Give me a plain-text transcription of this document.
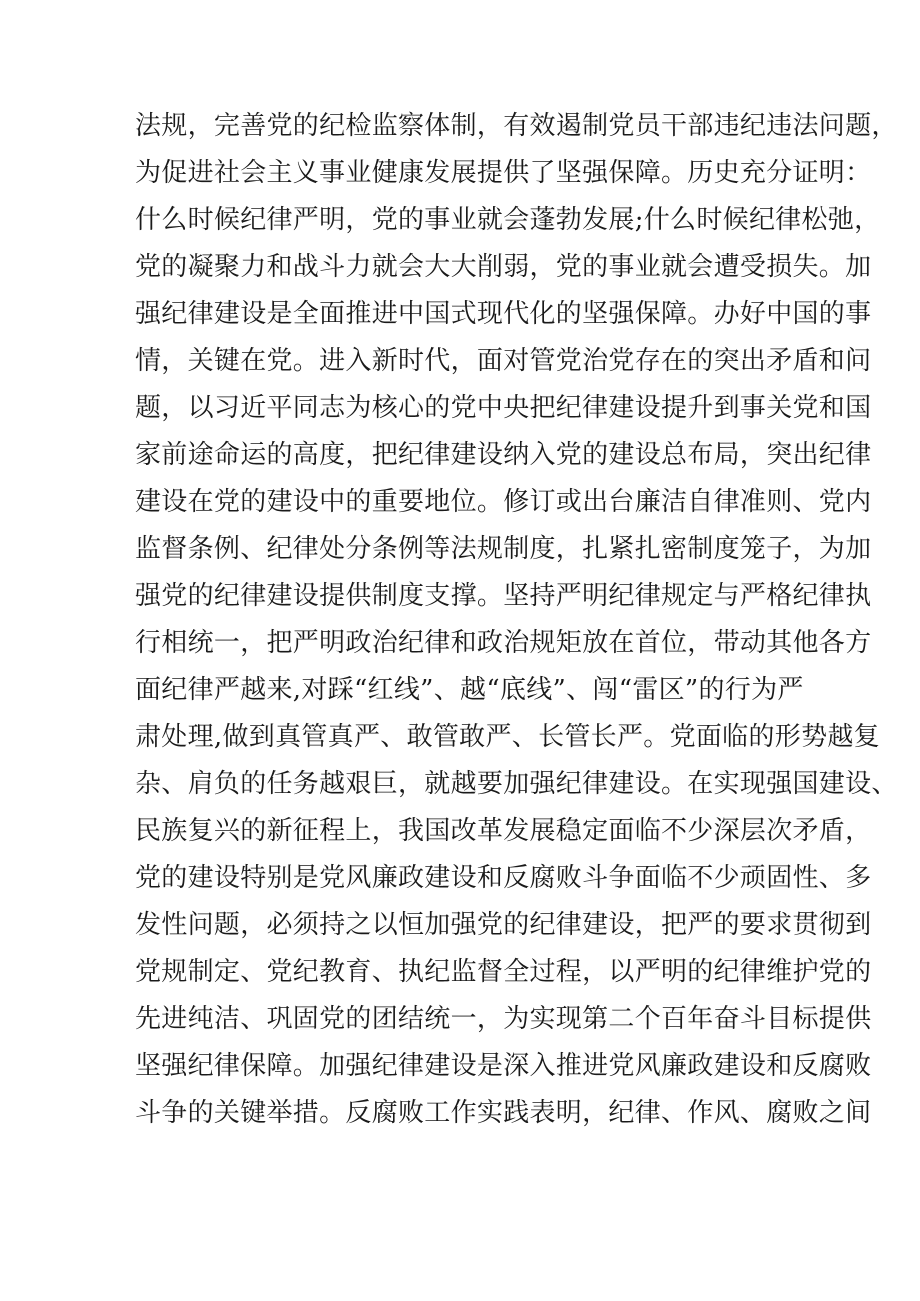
法规，完善党的纪检监察体制，有效遏制党员干部违纪违法问题，
为促进社会主义事业健康发展提供了坚强保障。历史充分证明：
什么时候纪律严明，党的事业就会蓬勃发展;什么时候纪律松弛，
党的凝聚力和战斗力就会大大削弱，党的事业就会遭受损失。加
强纪律建设是全面推进中国式现代化的坚强保障。办好中国的事
情，关键在党。进入新时代，面对管党治党存在的突出矛盾和问
题，以习近平同志为核心的党中央把纪律建设提升到事关党和国
家前途命运的高度，把纪律建设纳入党的建设总布局，突出纪律
建设在党的建设中的重要地位。修订或出台廉洁自律准则、党内
监督条例、纪律处分条例等法规制度，扎紧扎密制度笼子，为加
强党的纪律建设提供制度支撑。坚持严明纪律规定与严格纪律执
行相统一，把严明政治纪律和政治规矩放在首位，带动其他各方
面纪律严越来,对踩“红线”、越“底线”、闯“雷区”的行为严
肃处理,做到真管真严、敢管敢严、长管长严。党面临的形势越复
杂、肩负的任务越艰巨，就越要加强纪律建设。在实现强国建设、
民族复兴的新征程上，我国改革发展稳定面临不少深层次矛盾，
党的建设特别是党风廉政建设和反腐败斗争面临不少顽固性、多
发性问题，必须持之以恒加强党的纪律建设，把严的要求贯彻到
党规制定、党纪教育、执纪监督全过程，以严明的纪律维护党的
先进纯洁、巩固党的团结统一，为实现第二个百年奋斗目标提供
坚强纪律保障。加强纪律建设是深入推进党风廉政建设和反腐败
斗争的关键举措。反腐败工作实践表明，纪律、作风、腐败之间
